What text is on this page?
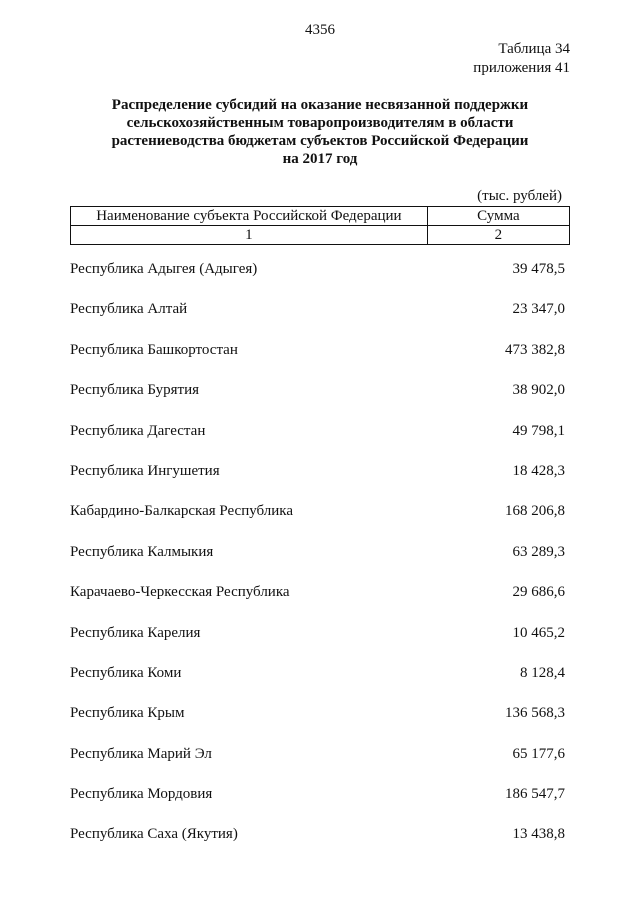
4356
Таблица 34
приложения 41
Распределение субсидий на оказание несвязанной поддержки
сельскохозяйственным товаропроизводителям в области
растениеводства бюджетам субъектов Российской Федерации
на 2017 год
(тыс. рублей)
Наименование субъекта Российской Федерации	Сумма
1	2
Республика Адыгея (Адыгея)	39 478,5
Республика Алтай	23 347,0
Республика Башкортостан	473 382,8
Республика Бурятия	38 902,0
Республика Дагестан	49 798,1
Республика Ингушетия	18 428,3
Кабардино-Балкарская Республика	168 206,8
Республика Калмыкия	63 289,3
Карачаево-Черкесская Республика	29 686,6
Республика Карелия	10 465,2
Республика Коми	8 128,4
Республика Крым	136 568,3
Республика Марий Эл	65 177,6
Республика Мордовия	186 547,7
Республика Саха (Якутия)	13 438,8
